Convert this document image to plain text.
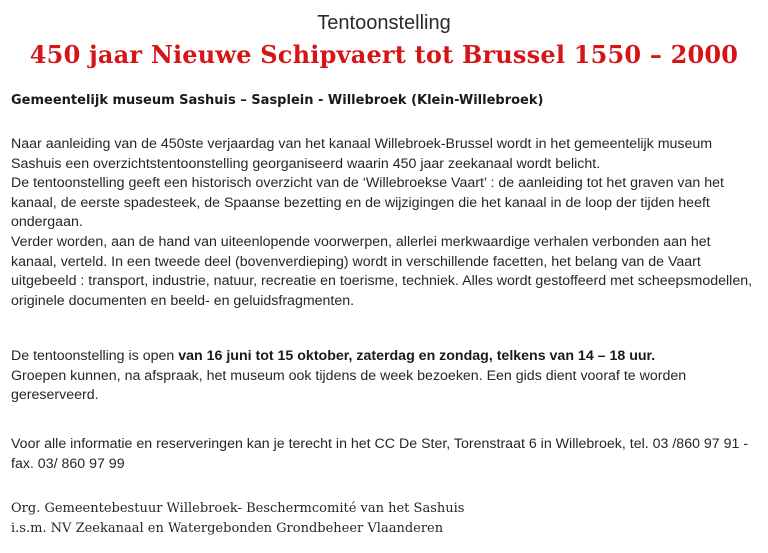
Tentoonstelling
450 jaar Nieuwe Schipvaert tot Brussel 1550 – 2000
Gemeentelijk museum Sashuis – Sasplein - Willebroek (Klein-Willebroek)

Naar aanleiding van de 450ste verjaardag van het kanaal Willebroek-Brussel wordt in het gemeentelijk museum Sashuis een overzichtstentoonstelling georganiseerd waarin 450 jaar zeekanaal wordt belicht.

De tentoonstelling geeft een historisch overzicht van de ‘Willebroekse Vaart’ : de aanleiding tot het graven van het kanaal, de eerste spadesteek, de Spaanse bezetting en de wijzigingen die het kanaal in de loop der tijden heeft ondergaan.

Verder worden, aan de hand van uiteenlopende voorwerpen, allerlei merkwaardige verhalen verbonden aan het kanaal, verteld. In een tweede deel (bovenverdieping) wordt in verschillende facetten, het belang van de Vaart uitgebeeld : transport, industrie, natuur, recreatie en toerisme, techniek. Alles wordt gestoffeerd met scheepsmodellen, originele documenten en beeld- en geluidsfragmenten.

De tentoonstelling is open van 16 juni tot 15 oktober, zaterdag en zondag, telkens van 14 – 18 uur.

Groepen kunnen, na afspraak, het museum ook tijdens de week bezoeken. Een gids dient vooraf te worden gereserveerd.

Voor alle informatie en reserveringen kan je terecht in het CC De Ster, Torenstraat 6 in Willebroek, tel. 03 /860 97 91 - fax. 03/ 860 97 99

Org. Gemeentebestuur Willebroek- Beschermcomité van het Sashuis

i.s.m. NV Zeekanaal en Watergebonden Grondbeheer Vlaanderen
